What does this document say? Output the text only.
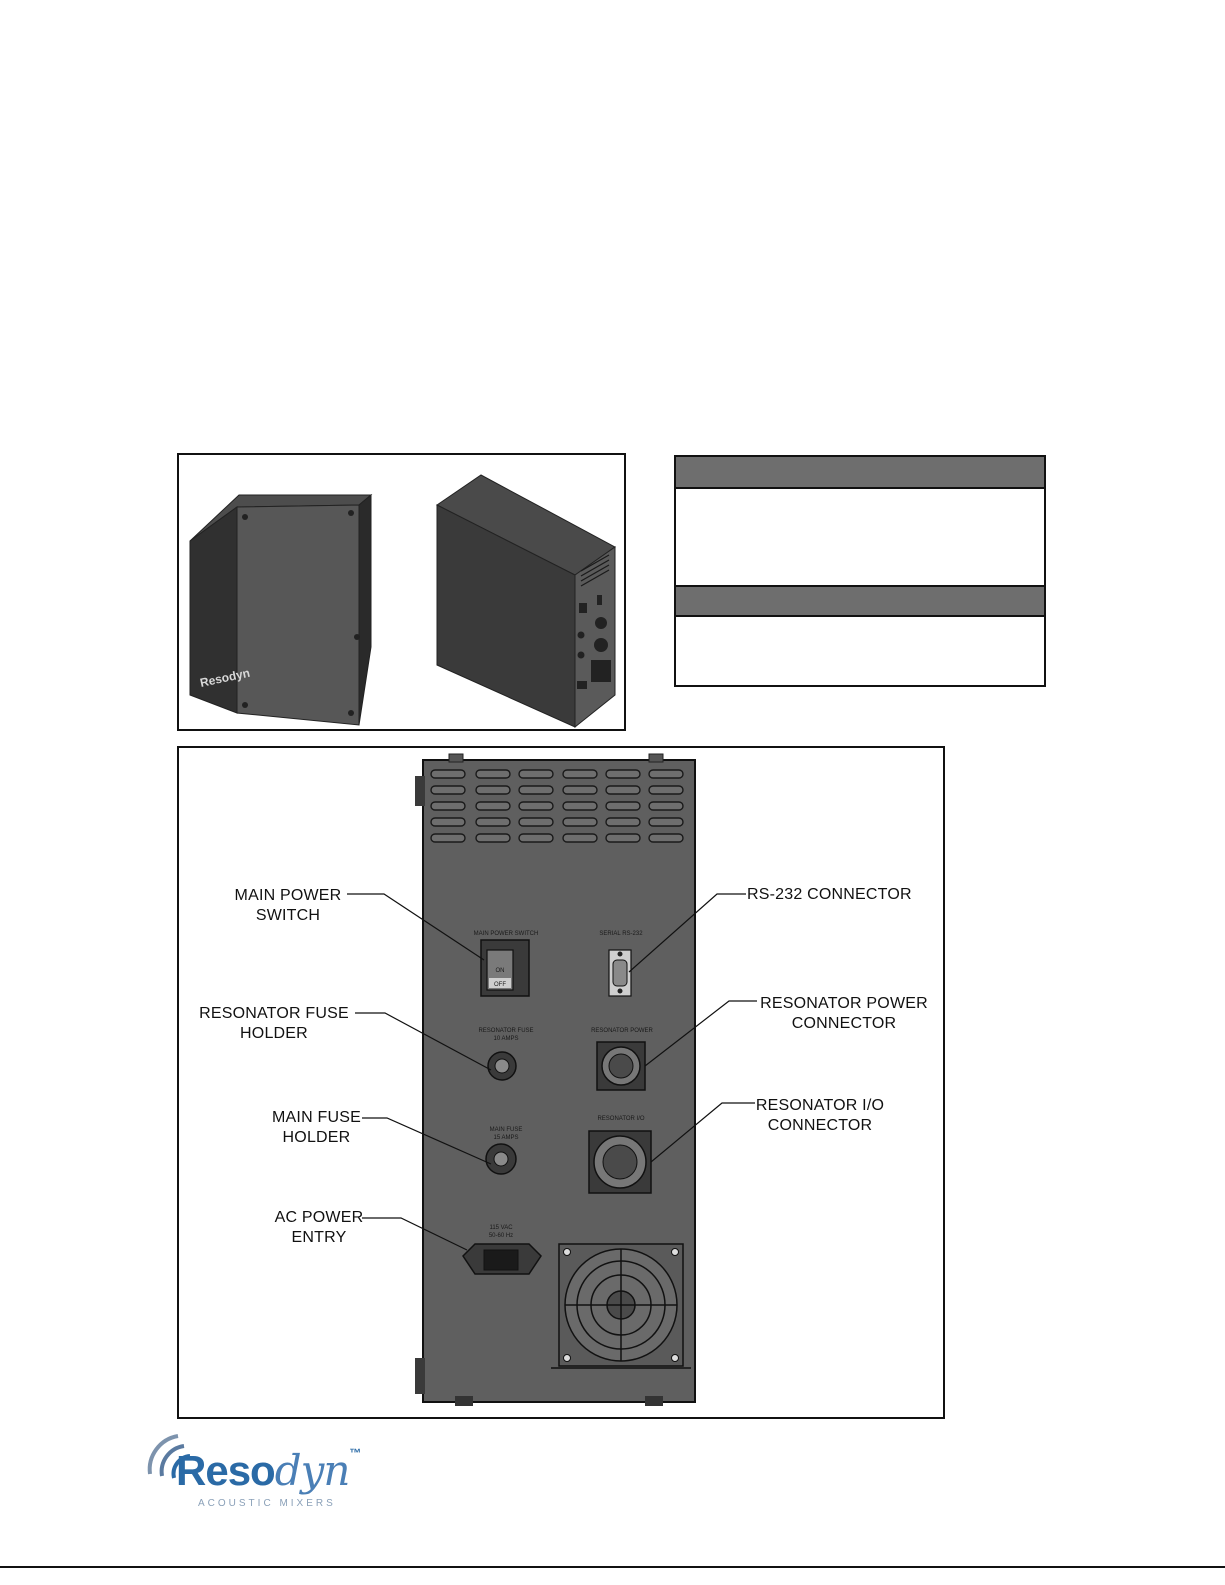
Resodyn
MAIN POWER SWITCH
ON
OFF
SERIAL RS-232
RESONATOR FUSE
10 AMPS
RESONATOR POWER
MAIN FUSE
15 AMPS
RESONATOR I/O
115 VAC
50-60 Hz
MAIN POWER
SWITCH
RESONATOR FUSE
HOLDER
MAIN FUSE
HOLDER
AC POWER
ENTRY
RS-232 CONNECTOR
RESONATOR POWER
CONNECTOR
RESONATOR I/O
CONNECTOR
Resodyn™
ACOUSTIC MIXERS
